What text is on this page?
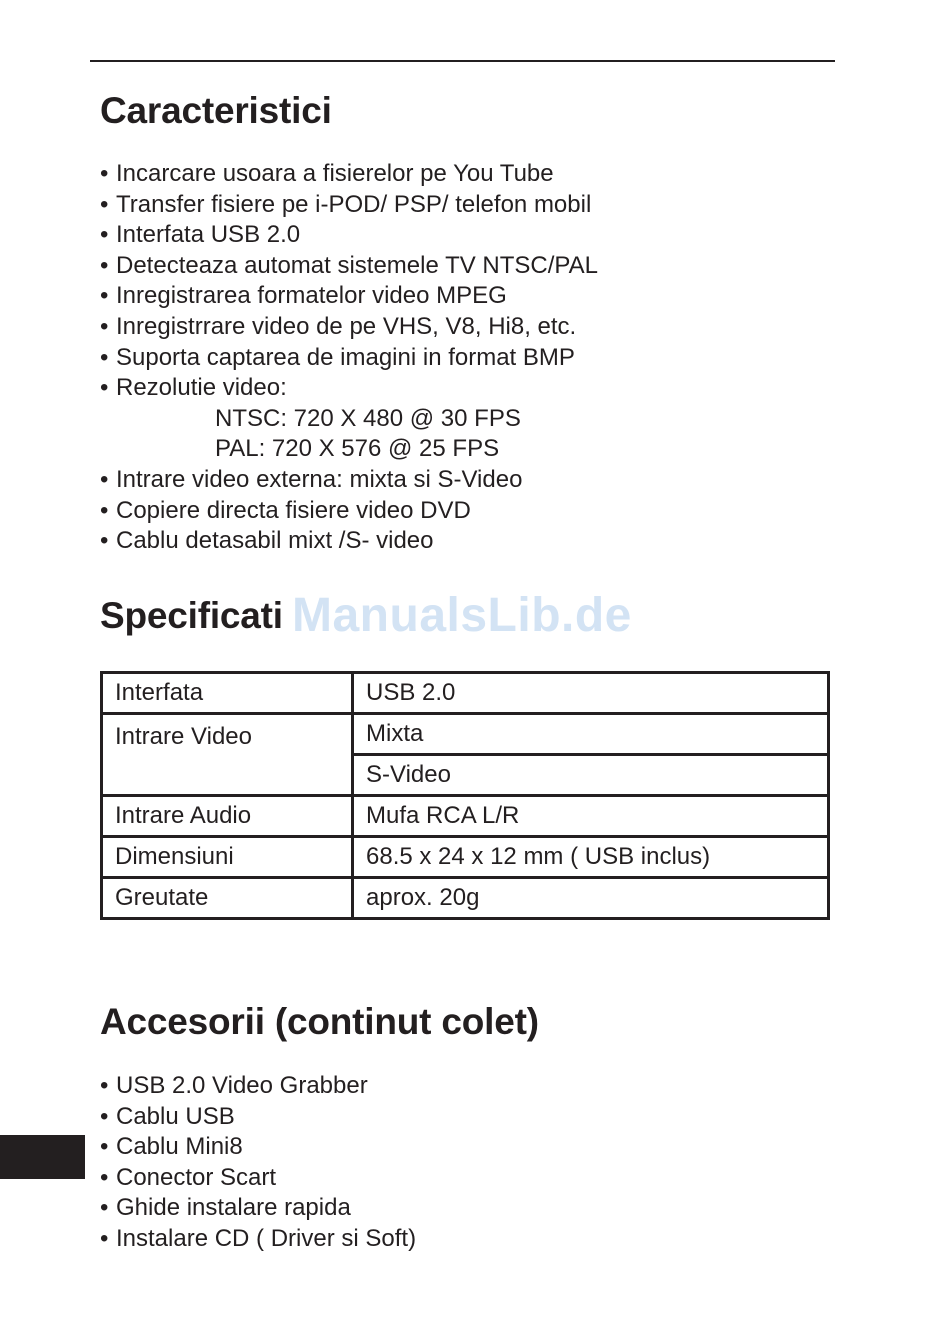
Caracteristici
• Incarcare usoara a fisierelor pe You Tube
• Transfer fisiere pe i-POD/ PSP/ telefon mobil
• Interfata USB 2.0
• Detecteaza automat sistemele TV NTSC/PAL
• Inregistrarea formatelor video MPEG
• Inregistrrare video de pe VHS, V8, Hi8, etc.
• Suporta captarea de imagini in format BMP
• Rezolutie video:
NTSC: 720 X 480 @ 30 FPS
PAL: 720 X 576 @ 25 FPS
• Intrare video externa: mixta si S-Video
• Copiere directa fisiere video DVD
• Cablu detasabil mixt /S- video
Specificati ManualsLib.de
Interfata	USB 2.0
Intrare Video	Mixta
	S-Video
Intrare Audio	Mufa RCA L/R
Dimensiuni	68.5 x 24 x 12 mm ( USB inclus)
Greutate	aprox. 20g
Accesorii (continut colet)
• USB 2.0 Video Grabber
• Cablu USB
• Cablu Mini8
• Conector Scart
• Ghide instalare rapida
• Instalare CD ( Driver si Soft)
